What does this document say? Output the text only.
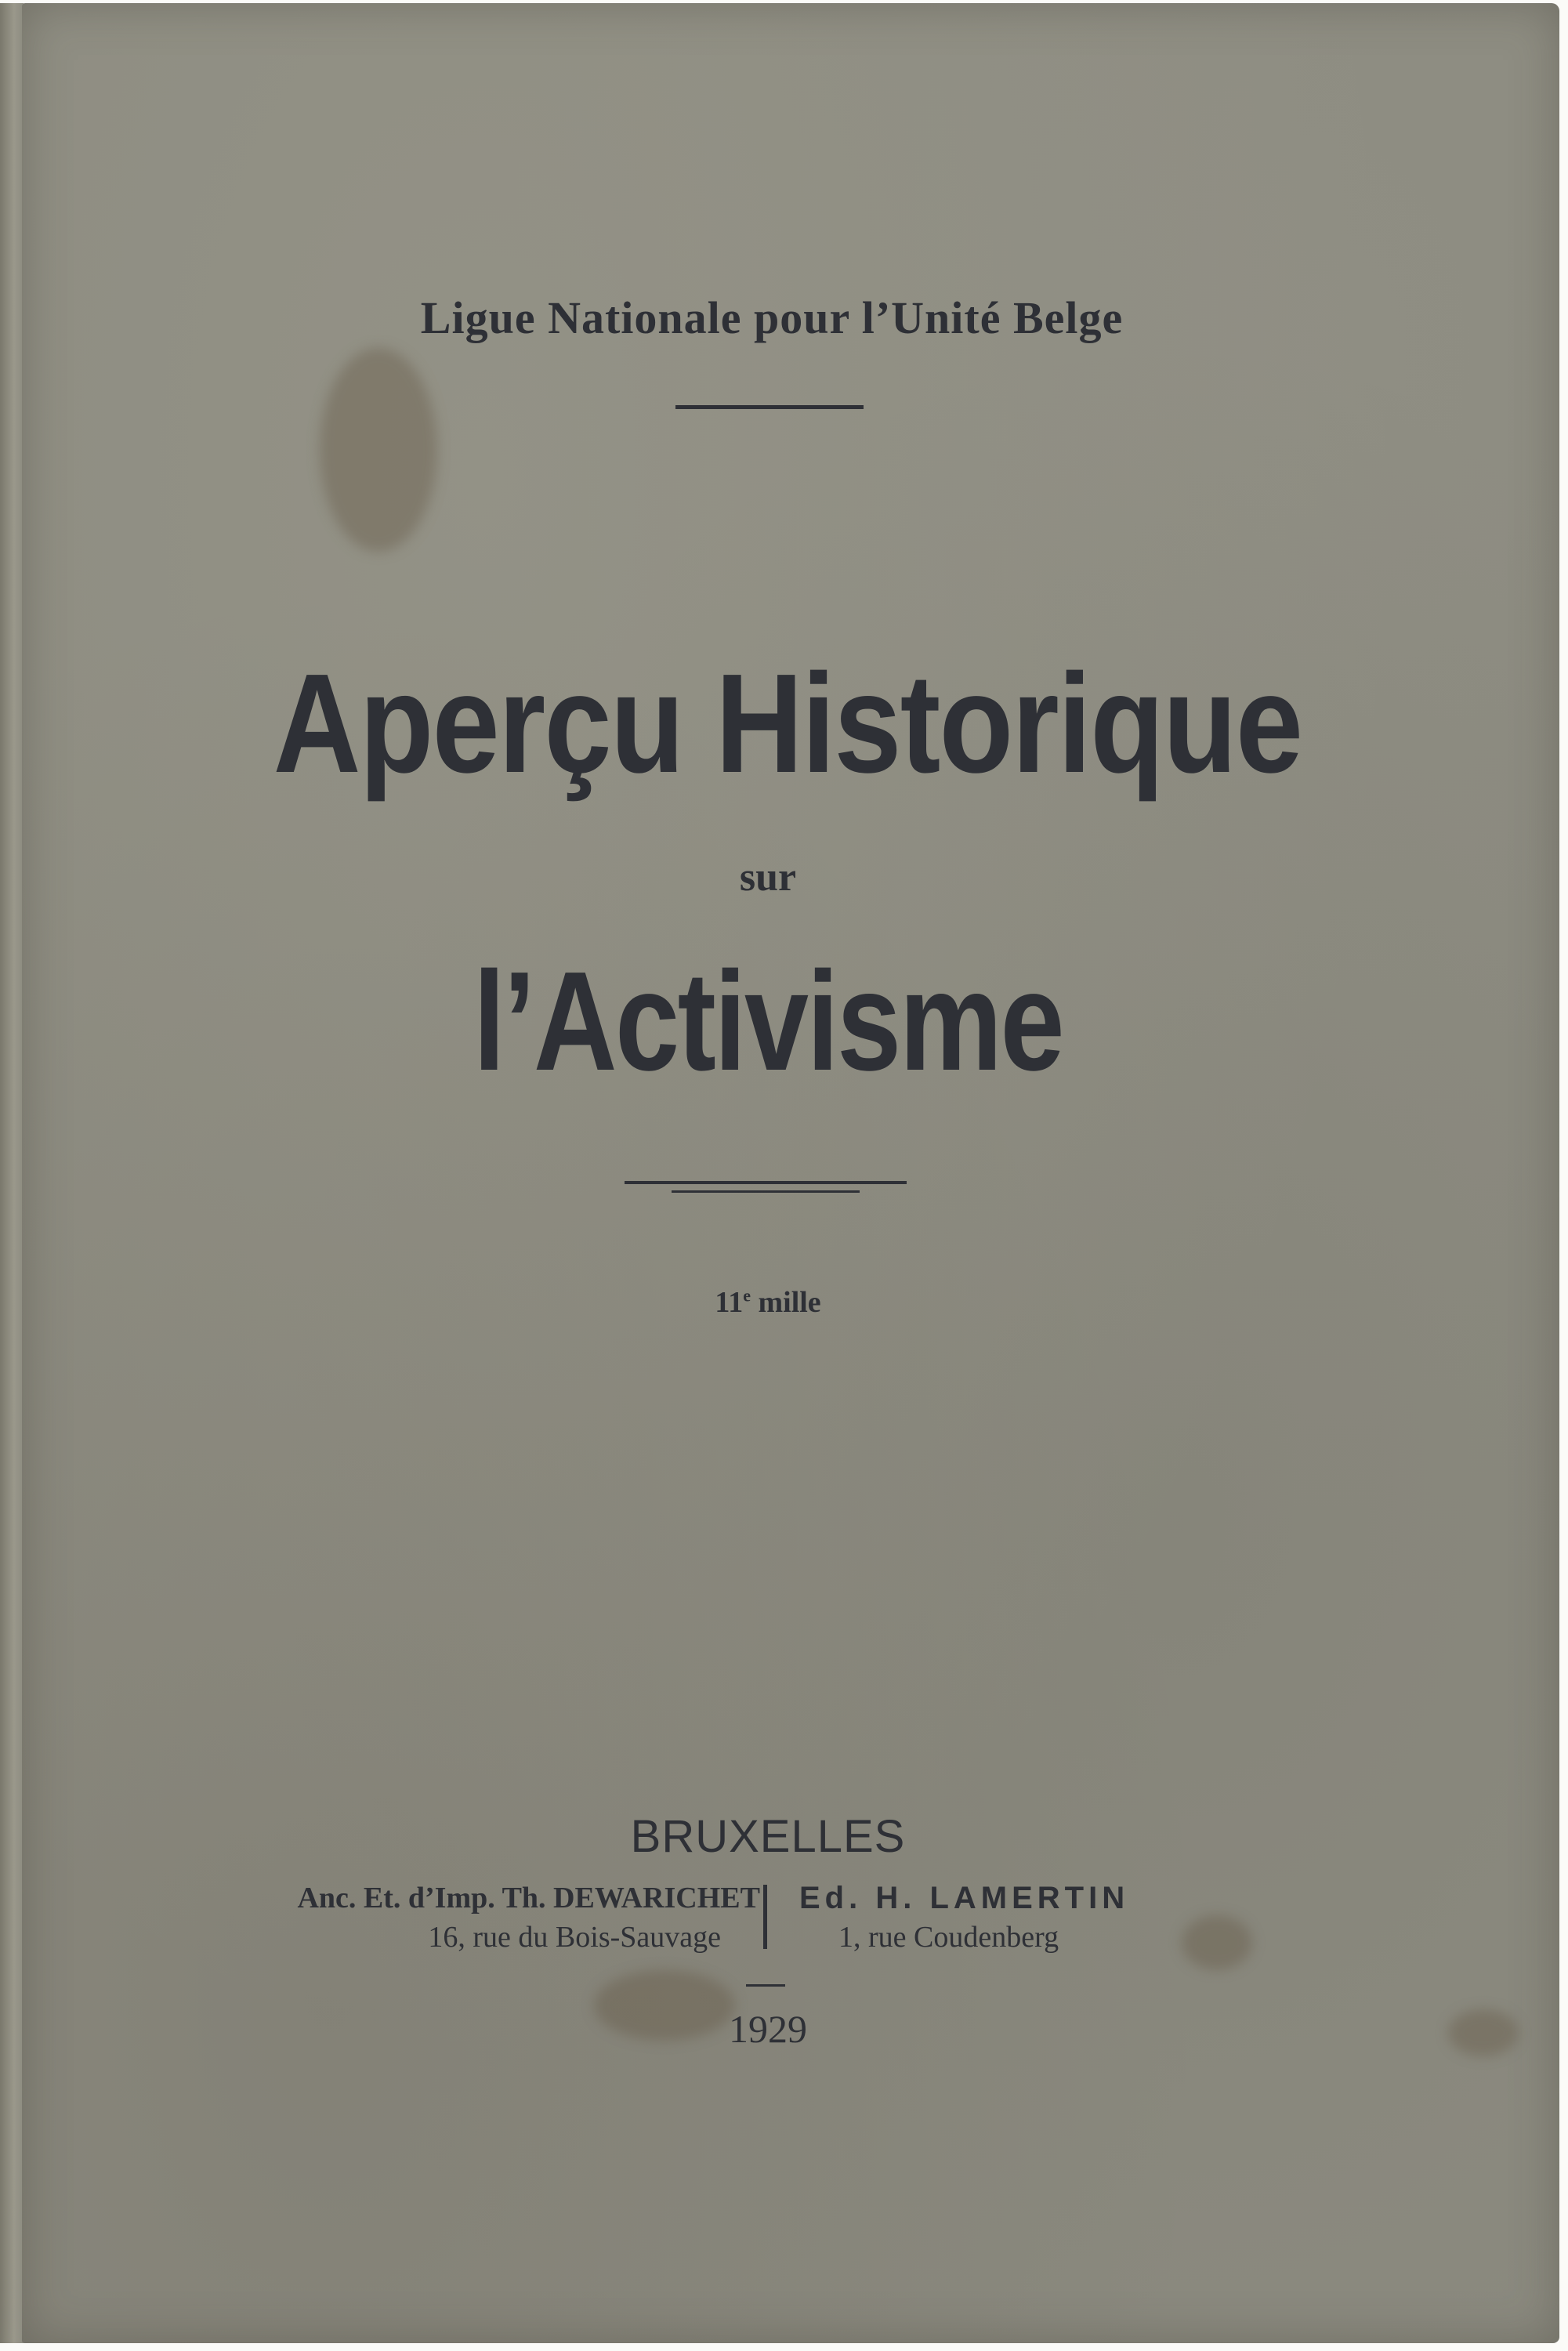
Ligue Nationale pour l’Unité Belge
Aperçu Historique
sur
l’Activisme
11e mille
BRUXELLES
Anc. Et. d’Imp. Th. DEWARICHET
16, rue du Bois-Sauvage
Ed. H. LAMERTIN
1, rue Coudenberg
1929
